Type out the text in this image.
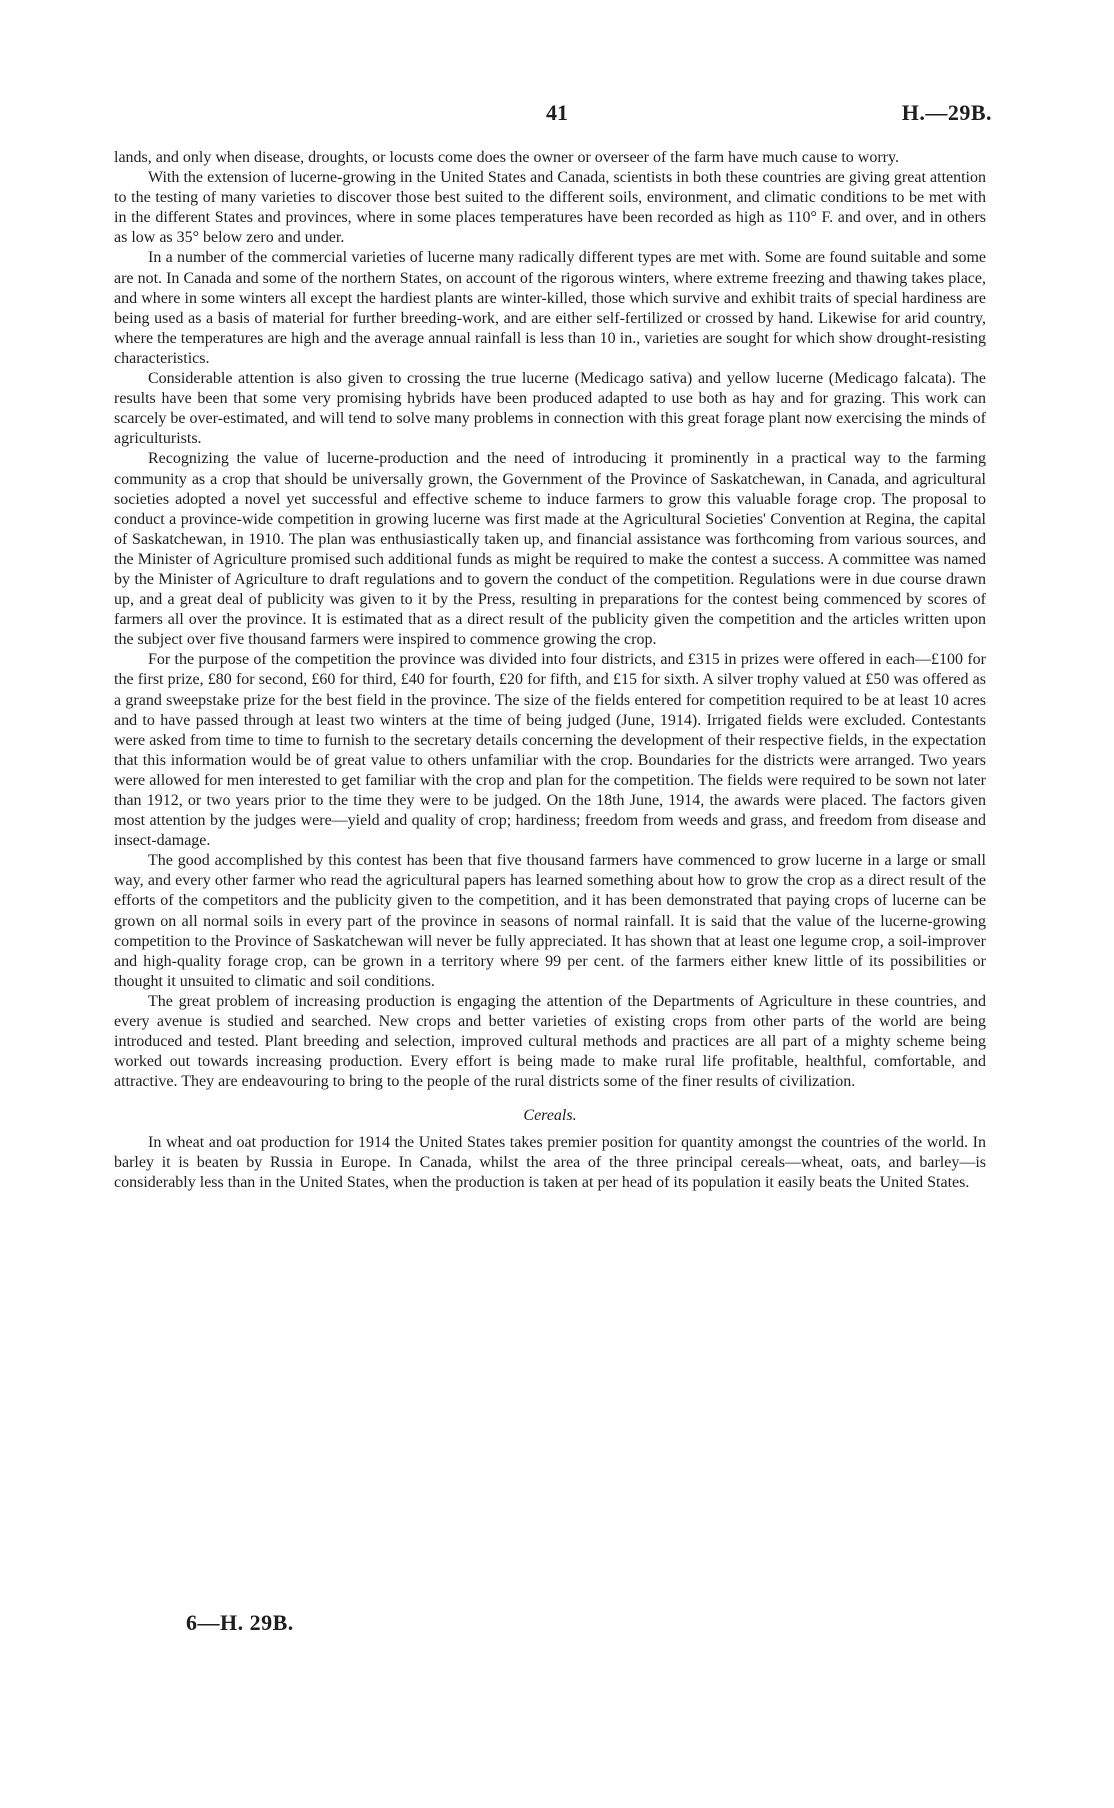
41	H.—29B.

lands, and only when disease, droughts, or locusts come does the owner or overseer of the farm have much cause to worry.

With the extension of lucerne-growing in the United States and Canada, scientists in both these countries are giving great attention to the testing of many varieties to discover those best suited to the different soils, environment, and climatic conditions to be met with in the different States and provinces, where in some places temperatures have been recorded as high as 110° F. and over, and in others as low as 35° below zero and under.

In a number of the commercial varieties of lucerne many radically different types are met with. Some are found suitable and some are not. In Canada and some of the northern States, on account of the rigorous winters, where extreme freezing and thawing takes place, and where in some winters all except the hardiest plants are winter-killed, those which survive and exhibit traits of special hardiness are being used as a basis of material for further breeding-work, and are either self-fertilized or crossed by hand. Likewise for arid country, where the temperatures are high and the average annual rainfall is less than 10 in., varieties are sought for which show drought-resisting characteristics.

Considerable attention is also given to crossing the true lucerne (Medicago sativa) and yellow lucerne (Medicago falcata). The results have been that some very promising hybrids have been produced adapted to use both as hay and for grazing. This work can scarcely be over-estimated, and will tend to solve many problems in connection with this great forage plant now exercising the minds of agriculturists.

Recognizing the value of lucerne-production and the need of introducing it prominently in a practical way to the farming community as a crop that should be universally grown, the Government of the Province of Saskatchewan, in Canada, and agricultural societies adopted a novel yet successful and effective scheme to induce farmers to grow this valuable forage crop. The proposal to conduct a province-wide competition in growing lucerne was first made at the Agricultural Societies' Convention at Regina, the capital of Saskatchewan, in 1910. The plan was enthusiastically taken up, and financial assistance was forthcoming from various sources, and the Minister of Agriculture promised such additional funds as might be required to make the contest a success. A committee was named by the Minister of Agriculture to draft regulations and to govern the conduct of the competition. Regulations were in due course drawn up, and a great deal of publicity was given to it by the Press, resulting in preparations for the contest being commenced by scores of farmers all over the province. It is estimated that as a direct result of the publicity given the competition and the articles written upon the subject over five thousand farmers were inspired to commence growing the crop.

For the purpose of the competition the province was divided into four districts, and £315 in prizes were offered in each—£100 for the first prize, £80 for second, £60 for third, £40 for fourth, £20 for fifth, and £15 for sixth. A silver trophy valued at £50 was offered as a grand sweepstake prize for the best field in the province. The size of the fields entered for competition required to be at least 10 acres and to have passed through at least two winters at the time of being judged (June, 1914). Irrigated fields were excluded. Contestants were asked from time to time to furnish to the secretary details concerning the development of their respective fields, in the expectation that this information would be of great value to others unfamiliar with the crop. Boundaries for the districts were arranged. Two years were allowed for men interested to get familiar with the crop and plan for the competition. The fields were required to be sown not later than 1912, or two years prior to the time they were to be judged. On the 18th June, 1914, the awards were placed. The factors given most attention by the judges were—yield and quality of crop; hardiness; freedom from weeds and grass, and freedom from disease and insect-damage.

The good accomplished by this contest has been that five thousand farmers have commenced to grow lucerne in a large or small way, and every other farmer who read the agricultural papers has learned something about how to grow the crop as a direct result of the efforts of the competitors and the publicity given to the competition, and it has been demonstrated that paying crops of lucerne can be grown on all normal soils in every part of the province in seasons of normal rainfall. It is said that the value of the lucerne-growing competition to the Province of Saskatchewan will never be fully appreciated. It has shown that at least one legume crop, a soil-improver and high-quality forage crop, can be grown in a territory where 99 per cent. of the farmers either knew little of its possibilities or thought it unsuited to climatic and soil conditions.

The great problem of increasing production is engaging the attention of the Departments of Agriculture in these countries, and every avenue is studied and searched. New crops and better varieties of existing crops from other parts of the world are being introduced and tested. Plant breeding and selection, improved cultural methods and practices are all part of a mighty scheme being worked out towards increasing production. Every effort is being made to make rural life profitable, healthful, comfortable, and attractive. They are endeavouring to bring to the people of the rural districts some of the finer results of civilization.

Cereals.

In wheat and oat production for 1914 the United States takes premier position for quantity amongst the countries of the world. In barley it is beaten by Russia in Europe. In Canada, whilst the area of the three principal cereals—wheat, oats, and barley—is considerably less than in the United States, when the production is taken at per head of its population it easily beats the United States.

6—H. 29B.
